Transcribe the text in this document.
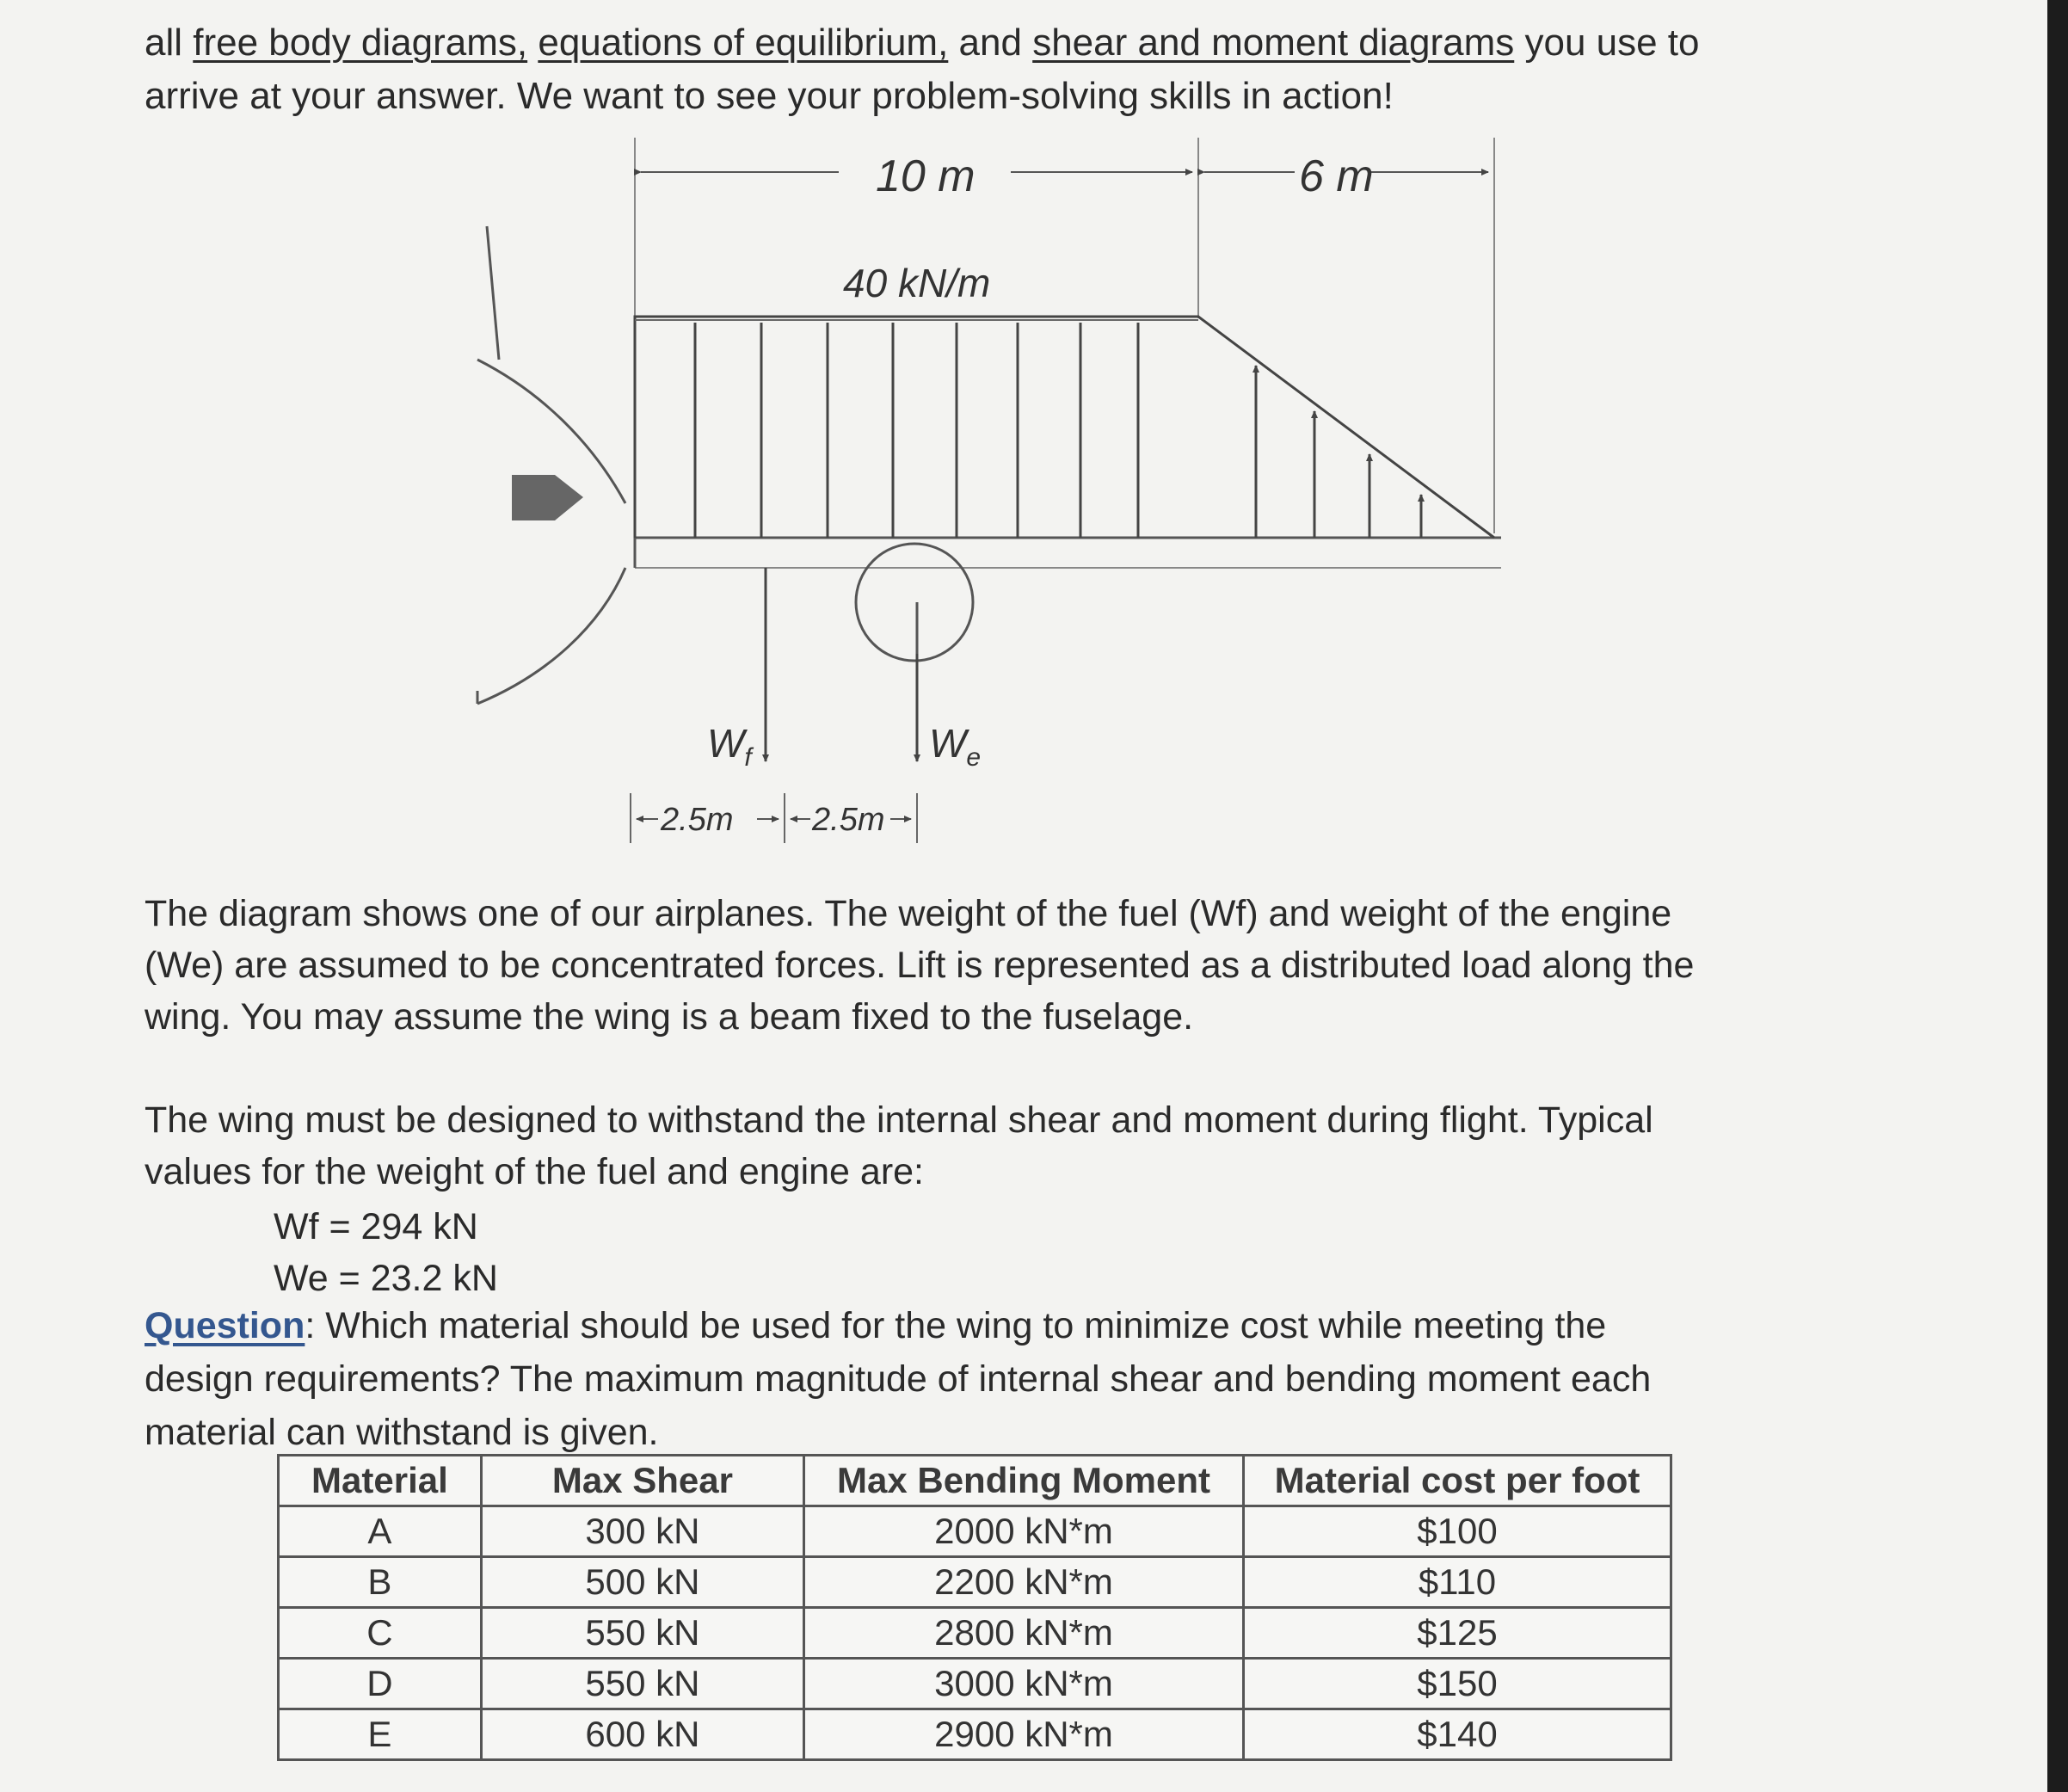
all free body diagrams, equations of equilibrium, and shear and moment diagrams you use to
arrive at your answer. We want to see your problem-solving skills in action!
10 m	6 m
40 kN/m
$W_f$	$W_e$
2.5m 2.5m
The diagram shows one of our airplanes. The weight of the fuel (Wf) and weight of the engine
(We) are assumed to be concentrated forces. Lift is represented as a distributed load along the
wing. You may assume the wing is a beam fixed to the fuselage.
The wing must be designed to withstand the internal shear and moment during flight. Typical
values for the weight of the fuel and engine are:
Wf = 294 kN
We = 23.2 kN
Question: Which material should be used for the wing to minimize cost while meeting the
design requirements? The maximum magnitude of internal shear and bending moment each
material can withstand is given.
Material	Max Shear	Max Bending Moment	Material cost per foot
A	300 kN	2000 kN*m	$100
B	500 kN	2200 kN*m	$110
C	550 kN	2800 kN*m	$125
D	550 kN	3000 kN*m	$150
E	600 kN	2900 kN*m	$140
